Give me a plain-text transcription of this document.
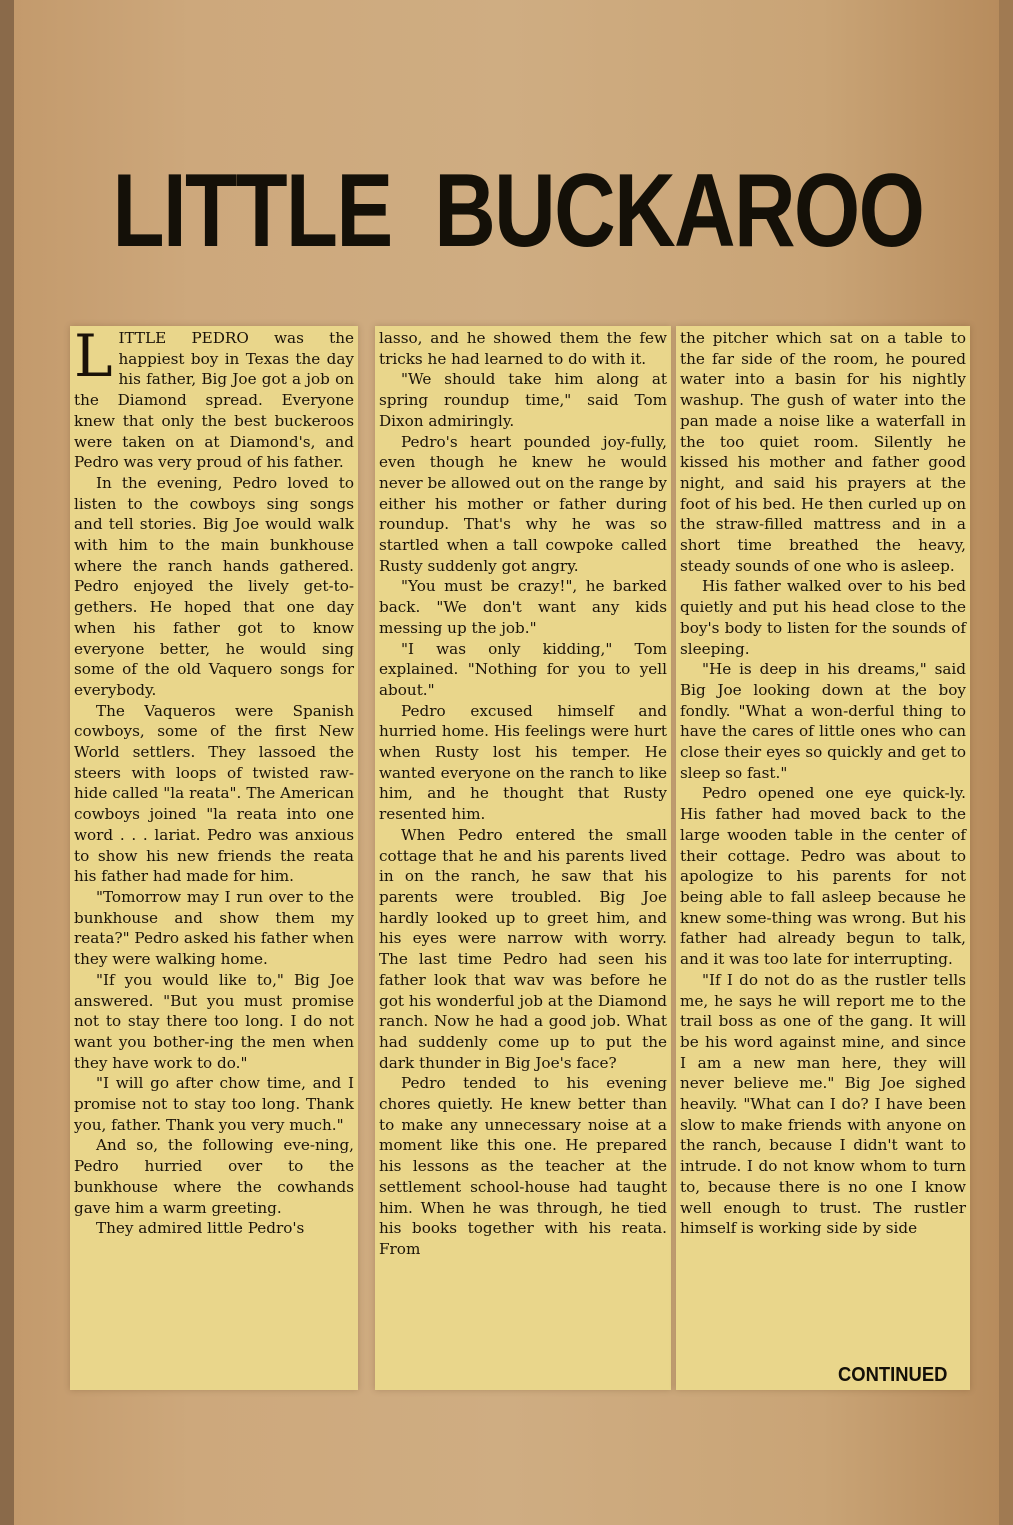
LITTLE BUCKAROO

LITTLE PEDRO was the happiest boy in Texas the day his father, Big Joe got a job on the Diamond spread. Everyone knew that only the best buckeroos were taken on at Diamond's, and Pedro was very proud of his father.

In the evening, Pedro loved to listen to the cowboys sing songs and tell stories. Big Joe would walk with him to the main bunkhouse where the ranch hands gathered. Pedro enjoyed the lively get-to-gethers. He hoped that one day when his father got to know everyone better, he would sing some of the old Vaquero songs for everybody.

The Vaqueros were Spanish cowboys, some of the first New World settlers. They lassoed the steers with loops of twisted raw-hide called "la reata". The American cowboys joined "la reata into one word . . . lariat. Pedro was anxious to show his new friends the reata his father had made for him.

"Tomorrow may I run over to the bunkhouse and show them my reata?" Pedro asked his father when they were walking home.

"If you would like to," Big Joe answered. "But you must promise not to stay there too long. I do not want you bother-ing the men when they have work to do."

"I will go after chow time, and I promise not to stay too long. Thank you, father. Thank you very much."

And so, the following eve-ning, Pedro hurried over to the bunkhouse where the cowhands gave him a warm greeting.

They admired little Pedro's

lasso, and he showed them the few tricks he had learned to do with it.

"We should take him along at spring roundup time," said Tom Dixon admiringly.

Pedro's heart pounded joy-fully, even though he knew he would never be allowed out on the range by either his mother or father during roundup. That's why he was so startled when a tall cowpoke called Rusty suddenly got angry.

"You must be crazy!", he barked back. "We don't want any kids messing up the job."

"I was only kidding," Tom explained. "Nothing for you to yell about."

Pedro excused himself and hurried home. His feelings were hurt when Rusty lost his temper. He wanted everyone on the ranch to like him, and he thought that Rusty resented him.

When Pedro entered the small cottage that he and his parents lived in on the ranch, he saw that his parents were troubled. Big Joe hardly looked up to greet him, and his eyes were narrow with worry. The last time Pedro had seen his father look that wav was before he got his wonderful job at the Diamond ranch. Now he had a good job. What had suddenly come up to put the dark thunder in Big Joe's face?

Pedro tended to his evening chores quietly. He knew better than to make any unnecessary noise at a moment like this one. He prepared his lessons as the teacher at the settlement school-house had taught him. When he was through, he tied his books together with his reata. From

the pitcher which sat on a table to the far side of the room, he poured water into a basin for his nightly washup. The gush of water into the pan made a noise like a waterfall in the too quiet room. Silently he kissed his mother and father good night, and said his prayers at the foot of his bed. He then curled up on the straw-filled mattress and in a short time breathed the heavy, steady sounds of one who is asleep.

His father walked over to his bed quietly and put his head close to the boy's body to listen for the sounds of sleeping.

"He is deep in his dreams," said Big Joe looking down at the boy fondly. "What a won-derful thing to have the cares of little ones who can close their eyes so quickly and get to sleep so fast."

Pedro opened one eye quick-ly. His father had moved back to the large wooden table in the center of their cottage. Pedro was about to apologize to his parents for not being able to fall asleep because he knew some-thing was wrong. But his father had already begun to talk, and it was too late for interrupting.

"If I do not do as the rustler tells me, he says he will report me to the trail boss as one of the gang. It will be his word against mine, and since I am a new man here, they will never believe me." Big Joe sighed heavily. "What can I do? I have been slow to make friends with anyone on the ranch, because I didn't want to intrude. I do not know whom to turn to, because there is no one I know well enough to trust. The rustler himself is working side by side

CONTINUED
